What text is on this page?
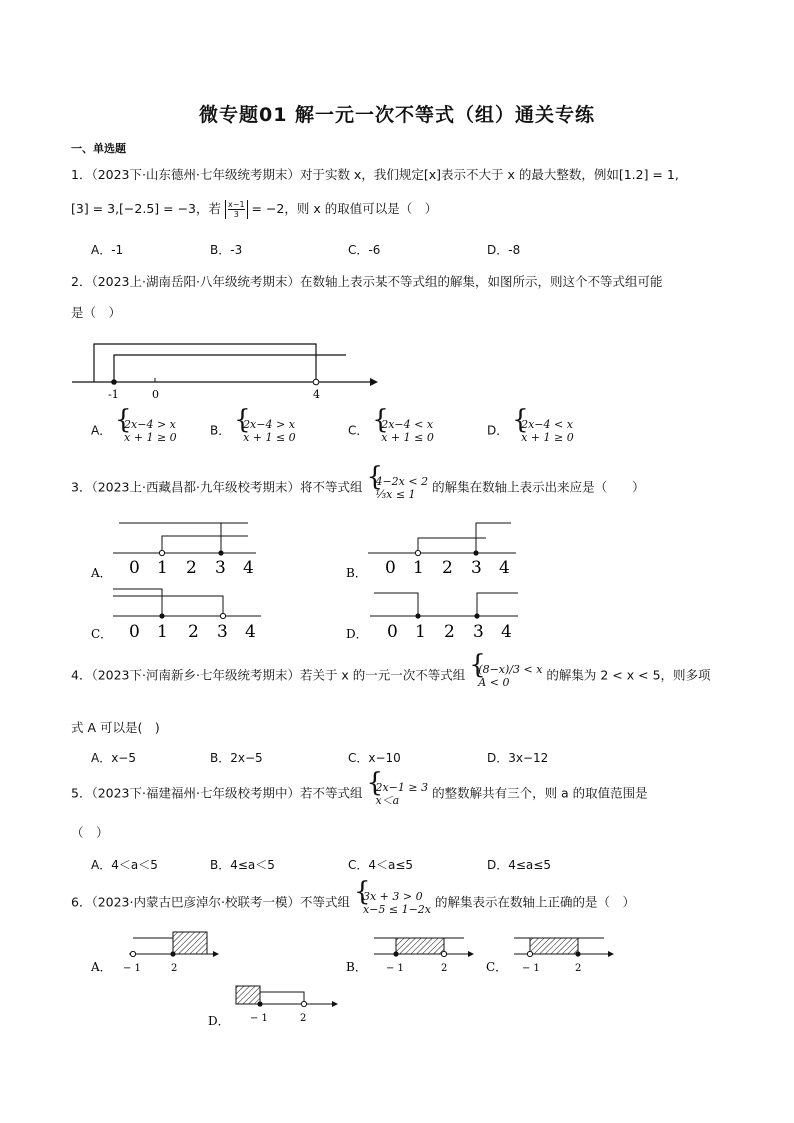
微专题01 解一元一次不等式（组）通关专练
一、单选题
1．（2023下·山东德州·七年级统考期末）对于实数 x，我们规定[x]表示不大于 x 的最大整数，例如[1.2] = 1,
[3] = 3,[−2.5] = −3，若 $\frac{x-1}{3} = -2$，则 x 的取值可以是（　）
A．-1	B．-3	C．-6	D．-8
2．（2023上·湖南岳阳·八年级统考期末）在数轴上表示某不等式组的解集，如图所示，则这个不等式组可能
是（　）
-1	0	4
A． { 2x−4 > x
x + 1 ≥ 0	B． { 2x−4 > x
x + 1 ≤ 0	C． { 2x−4 < x
x + 1 ≤ 0	D． { 2x−4 < x
x + 1 ≥ 0
3．（2023上·西藏昌都·九年级校考期末）将不等式组 { 4−2x < 2
⅓x ≤ 1	的解集在数轴上表示出来应是（　　）
A． 0 1 2 3 4	B． 0 1 2 3 4
C． 0 1 2 3 4	D． 0 1 2 3 4
4．（2023下·河南新乡·七年级统考期末）若关于 x 的一元一次不等式组 { (8−x)/3 < x
A < 0	的解集为 2 < x < 5，则多项
式 A 可以是(　)
A．x−5	B．2x−5	C．x−10	D．3x−12
5．（2023下·福建福州·七年级校考期中）若不等式组 { 2x−1 ≥ 3
x＜a	的整数解共有三个，则 a 的取值范围是
（　）
A．4＜a＜5	B．4≤a＜5	C．4＜a≤5	D．4≤a≤5
6．（2023·内蒙古巴彦淖尔·校联考一模）不等式组 { 3x + 3 > 0
x−5 ≤ 1−2x 的解集表示在数轴上正确的是（　）
A． − 1	2	B． − 1	2	C． − 1	2
D． − 1	2
